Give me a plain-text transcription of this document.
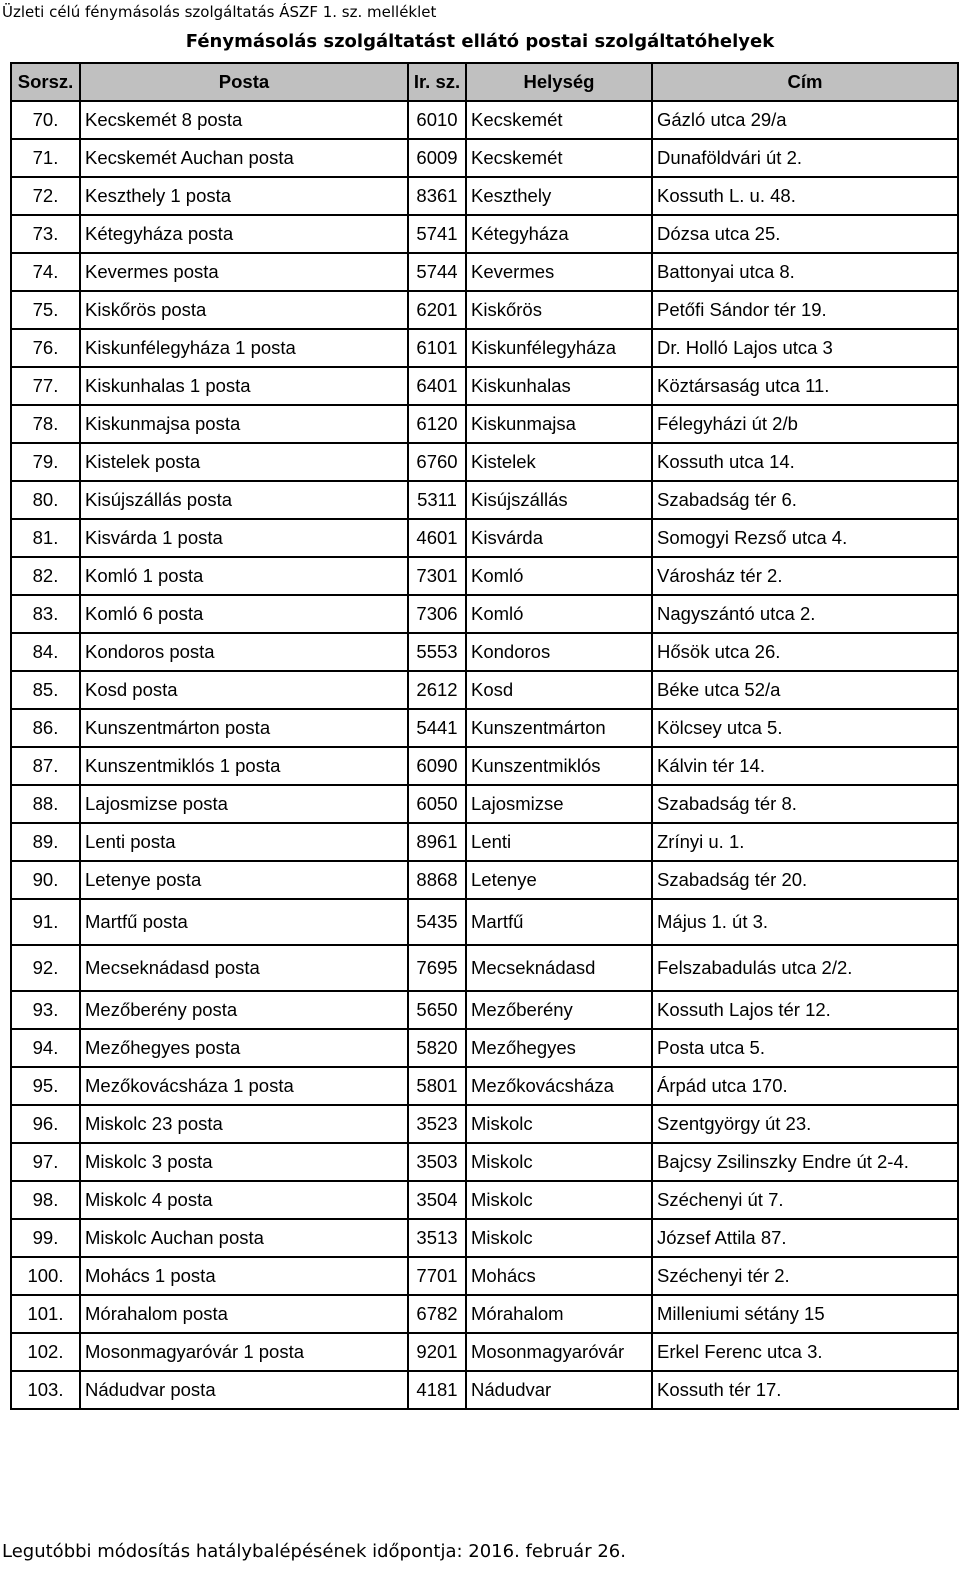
Üzleti célú fénymásolás szolgáltatás ÁSZF 1. sz. melléklet
Fénymásolás szolgáltatást ellátó postai szolgáltatóhelyek
Sorsz.	Posta	Ir. sz.	Helység	Cím
70.	Kecskemét 8 posta	6010	Kecskemét	Gázló utca 29/a
71.	Kecskemét Auchan posta	6009	Kecskemét	Dunaföldvári út 2.
72.	Keszthely 1 posta	8361	Keszthely	Kossuth L. u. 48.
73.	Kétegyháza posta	5741	Kétegyháza	Dózsa utca 25.
74.	Kevermes posta	5744	Kevermes	Battonyai utca 8.
75.	Kiskőrös posta	6201	Kiskőrös	Petőfi Sándor tér 19.
76.	Kiskunfélegyháza 1 posta	6101	Kiskunfélegyháza	Dr. Holló Lajos utca 3
77.	Kiskunhalas 1 posta	6401	Kiskunhalas	Köztársaság utca 11.
78.	Kiskunmajsa posta	6120	Kiskunmajsa	Félegyházi út 2/b
79.	Kistelek posta	6760	Kistelek	Kossuth utca 14.
80.	Kisújszállás posta	5311	Kisújszállás	Szabadság tér 6.
81.	Kisvárda 1 posta	4601	Kisvárda	Somogyi Rezső utca 4.
82.	Komló 1 posta	7301	Komló	Városház tér 2.
83.	Komló 6 posta	7306	Komló	Nagyszántó utca 2.
84.	Kondoros posta	5553	Kondoros	Hősök utca 26.
85.	Kosd posta	2612	Kosd	Béke utca 52/a
86.	Kunszentmárton posta	5441	Kunszentmárton	Kölcsey utca 5.
87.	Kunszentmiklós 1 posta	6090	Kunszentmiklós	Kálvin tér 14.
88.	Lajosmizse posta	6050	Lajosmizse	Szabadság tér 8.
89.	Lenti posta	8961	Lenti	Zrínyi u. 1.
90.	Letenye posta	8868	Letenye	Szabadság tér 20.
91.	Martfű posta	5435	Martfű	Május 1. út 3.
92.	Mecseknádasd posta	7695	Mecseknádasd	Felszabadulás utca 2/2.
93.	Mezőberény posta	5650	Mezőberény	Kossuth Lajos tér 12.
94.	Mezőhegyes posta	5820	Mezőhegyes	Posta utca 5.
95.	Mezőkovácsháza 1 posta	5801	Mezőkovácsháza	Árpád utca 170.
96.	Miskolc 23 posta	3523	Miskolc	Szentgyörgy út 23.
97.	Miskolc 3 posta	3503	Miskolc	Bajcsy Zsilinszky Endre út 2-4.
98.	Miskolc 4 posta	3504	Miskolc	Széchenyi út 7.
99.	Miskolc Auchan posta	3513	Miskolc	József Attila 87.
100.	Mohács 1 posta	7701	Mohács	Széchenyi tér 2.
101.	Mórahalom posta	6782	Mórahalom	Milleniumi sétány 15
102.	Mosonmagyaróvár 1 posta	9201	Mosonmagyaróvár	Erkel Ferenc utca 3.
103.	Nádudvar posta	4181	Nádudvar	Kossuth tér 17.
Legutóbbi módosítás hatálybalépésének időpontja: 2016. február 26.
